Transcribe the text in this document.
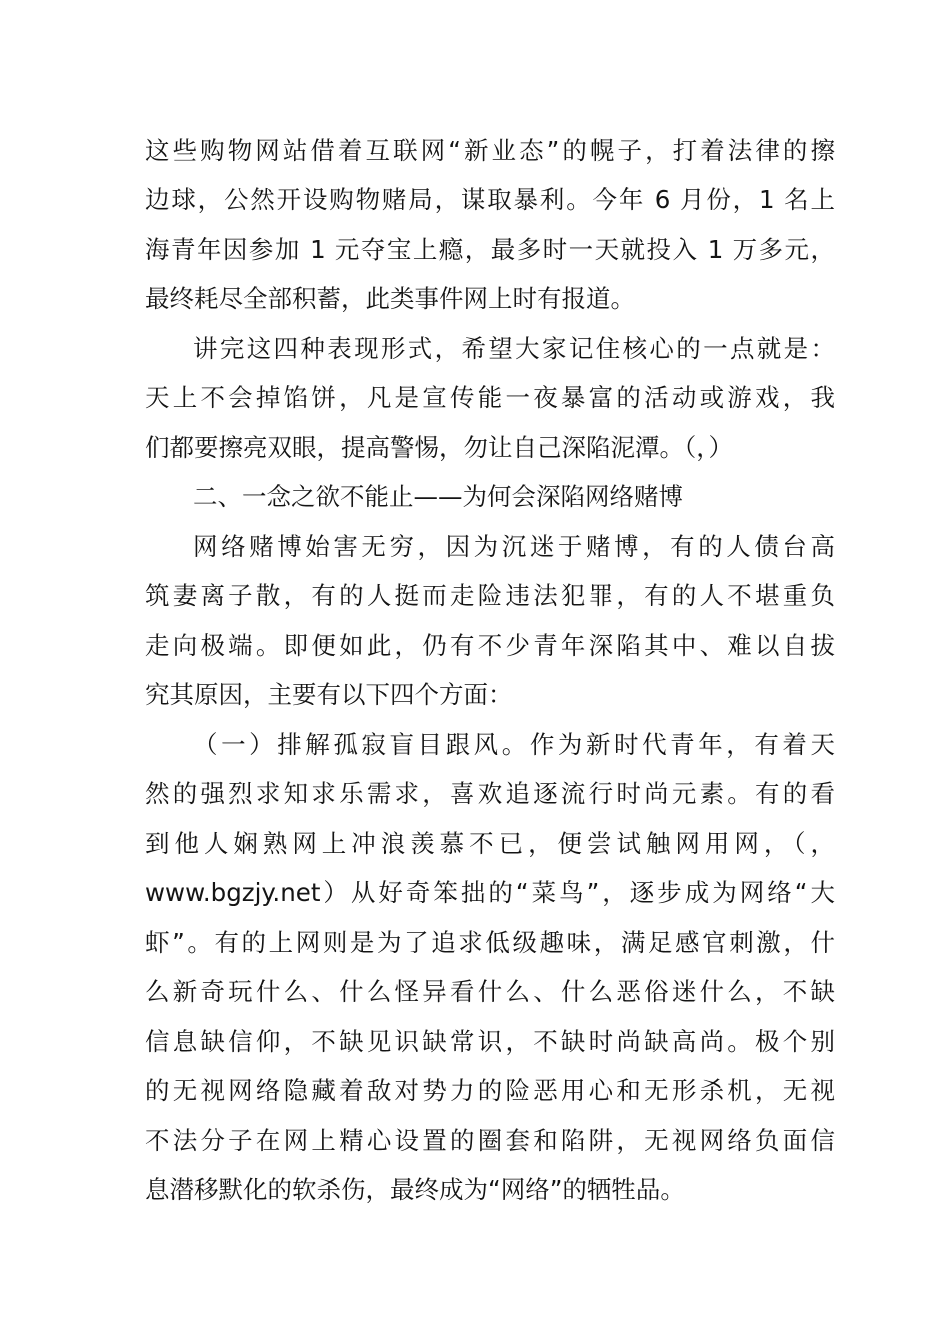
这些购物网站借着互联网“新业态”的幌子，打着法律的擦
边球，公然开设购物赌局，谋取暴利。今年 6 月份，1 名上
海青年因参加 1 元夺宝上瘾，最多时一天就投入 1 万多元，
最终耗尽全部积蓄，此类事件网上时有报道。
讲完这四种表现形式，希望大家记住核心的一点就是：
天上不会掉馅饼，凡是宣传能一夜暴富的活动或游戏，我
们都要擦亮双眼，提高警惕，勿让自己深陷泥潭。（，）
二、一念之欲不能止——为何会深陷网络赌博
网络赌博始害无穷，因为沉迷于赌博，有的人债台高
筑妻离子散，有的人挺而走险违法犯罪，有的人不堪重负
走向极端。即便如此，仍有不少青年深陷其中、难以自拔
究其原因，主要有以下四个方面：
（一）排解孤寂盲目跟风。作为新时代青年，有着天
然的强烈求知求乐需求，喜欢追逐流行时尚元素。有的看
到他人娴熟网上冲浪羡慕不已，便尝试触网用网，（，
www.bgzjy.net）从好奇笨拙的“菜鸟”，逐步成为网络“大
虾”。有的上网则是为了追求低级趣味，满足感官刺激，什
么新奇玩什么、什么怪异看什么、什么恶俗迷什么，不缺
信息缺信仰，不缺见识缺常识，不缺时尚缺高尚。极个别
的无视网络隐藏着敌对势力的险恶用心和无形杀机，无视
不法分子在网上精心设置的圈套和陷阱，无视网络负面信
息潜移默化的软杀伤，最终成为“网络”的牺牲品。
